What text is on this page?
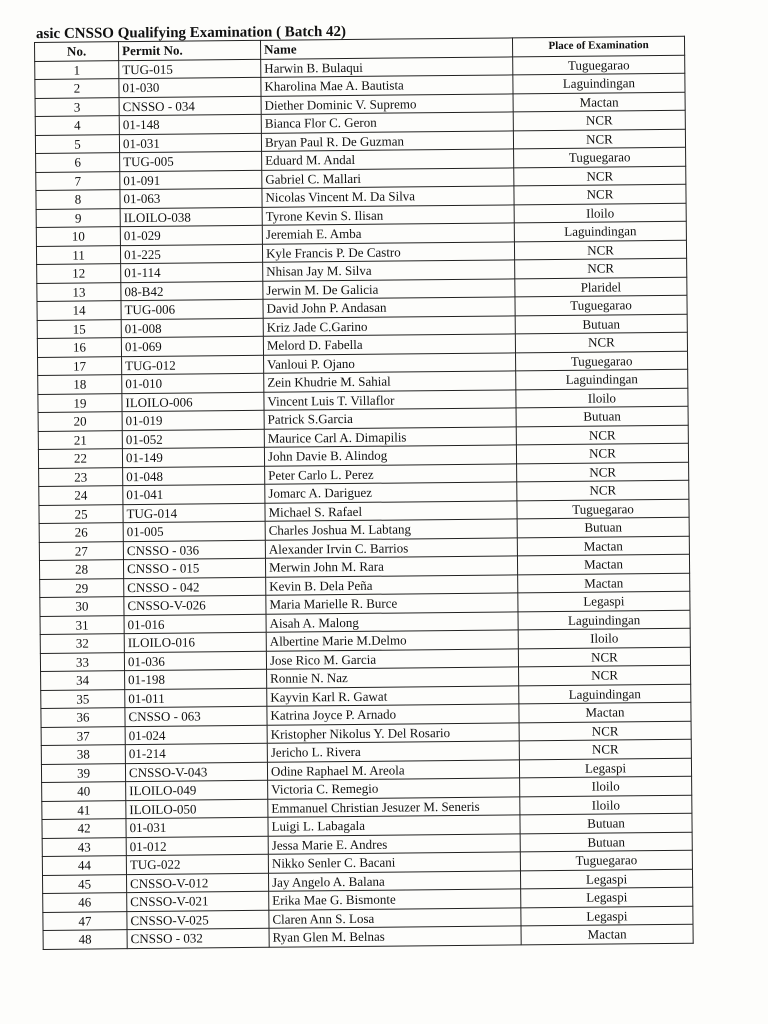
asic CNSSO Qualifying Examination ( Batch 42)
No.	Permit No.	Name	Place of Examination
1	TUG-015	Harwin B. Bulaqui	Tuguegarao
2	01-030	Kharolina Mae A. Bautista	Laguindingan
3	CNSSO - 034	Diether Dominic V. Supremo	Mactan
4	01-148	Bianca Flor C. Geron	NCR
5	01-031	Bryan Paul R. De Guzman	NCR
6	TUG-005	Eduard M. Andal	Tuguegarao
7	01-091	Gabriel C. Mallari	NCR
8	01-063	Nicolas Vincent M. Da Silva	NCR
9	ILOILO-038	Tyrone Kevin S. Ilisan	Iloilo
10	01-029	Jeremiah E. Amba	Laguindingan
11	01-225	Kyle Francis P. De Castro	NCR
12	01-114	Nhisan Jay M. Silva	NCR
13	08-B42	Jerwin M. De Galicia	Plaridel
14	TUG-006	David John P. Andasan	Tuguegarao
15	01-008	Kriz Jade C.Garino	Butuan
16	01-069	Melord D. Fabella	NCR
17	TUG-012	Vanloui P. Ojano	Tuguegarao
18	01-010	Zein Khudrie M. Sahial	Laguindingan
19	ILOILO-006	Vincent Luis T. Villaflor	Iloilo
20	01-019	Patrick S.Garcia	Butuan
21	01-052	Maurice Carl A. Dimapilis	NCR
22	01-149	John Davie B. Alindog	NCR
23	01-048	Peter Carlo L. Perez	NCR
24	01-041	Jomarc A. Dariguez	NCR
25	TUG-014	Michael S. Rafael	Tuguegarao
26	01-005	Charles Joshua M. Labtang	Butuan
27	CNSSO - 036	Alexander Irvin C. Barrios	Mactan
28	CNSSO - 015	Merwin John M. Rara	Mactan
29	CNSSO - 042	Kevin B. Dela Peña	Mactan
30	CNSSO-V-026	Maria Marielle R. Burce	Legaspi
31	01-016	Aisah A. Malong	Laguindingan
32	ILOILO-016	Albertine Marie M.Delmo	Iloilo
33	01-036	Jose Rico M. Garcia	NCR
34	01-198	Ronnie N. Naz	NCR
35	01-011	Kayvin Karl R. Gawat	Laguindingan
36	CNSSO - 063	Katrina Joyce P. Arnado	Mactan
37	01-024	Kristopher Nikolus Y. Del Rosario	NCR
38	01-214	Jericho L. Rivera	NCR
39	CNSSO-V-043	Odine Raphael M. Areola	Legaspi
40	ILOILO-049	Victoria C. Remegio	Iloilo
41	ILOILO-050	Emmanuel Christian Jesuzer M. Seneris	Iloilo
42	01-031	Luigi L. Labagala	Butuan
43	01-012	Jessa Marie E. Andres	Butuan
44	TUG-022	Nikko Senler C. Bacani	Tuguegarao
45	CNSSO-V-012	Jay Angelo A. Balana	Legaspi
46	CNSSO-V-021	Erika Mae G. Bismonte	Legaspi
47	CNSSO-V-025	Claren Ann S. Losa	Legaspi
48	CNSSO - 032	Ryan Glen M. Belnas	Mactan
